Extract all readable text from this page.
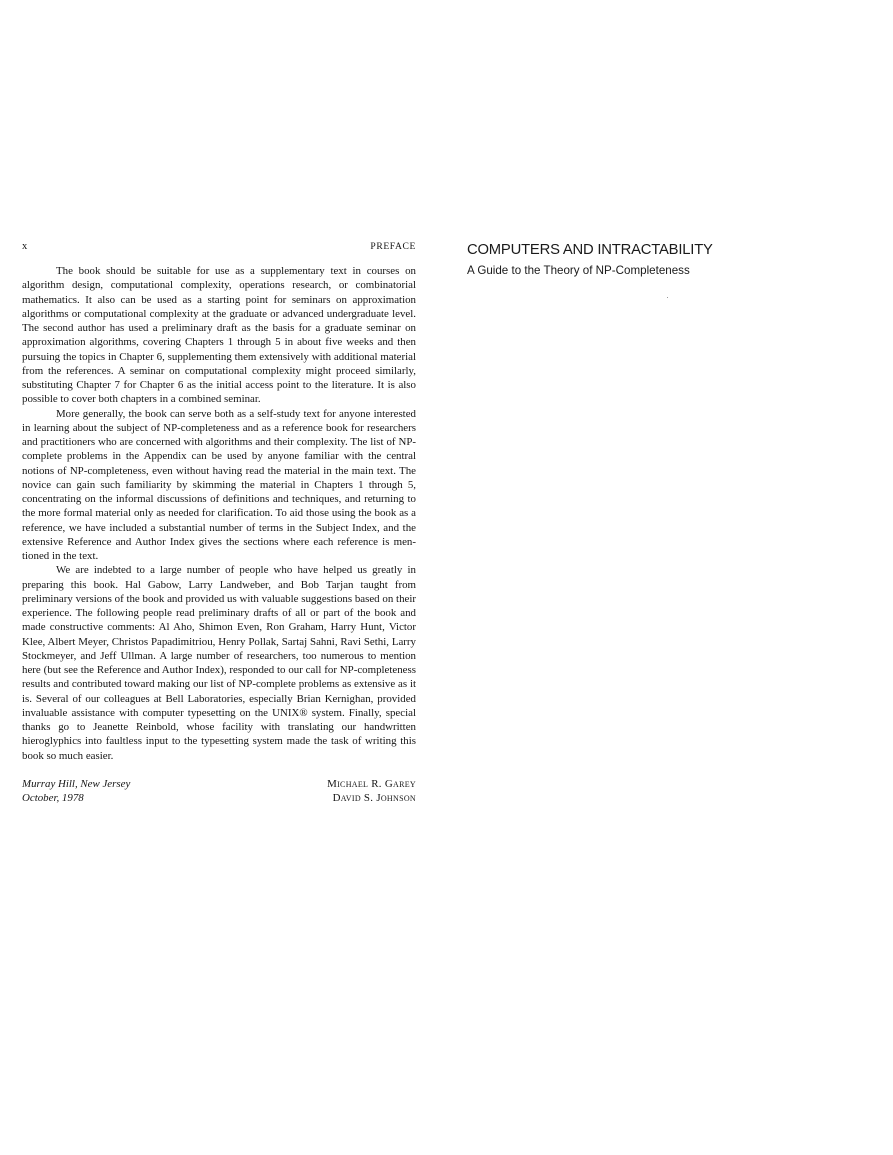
x	PREFACE

The book should be suitable for use as a supplementary text in courses on algorithm design, computational complexity, operations research, or combinatorial mathematics. It also can be used as a starting point for seminars on approximation algorithms or computational complexity at the graduate or advanced undergraduate level. The second author has used a preliminary draft as the basis for a graduate seminar on approximation algorithms, covering Chapters 1 through 5 in about five weeks and then pursuing the topics in Chapter 6, supplementing them extensively with additional material from the references. A seminar on computational complexity might proceed similarly, substituting Chapter 7 for Chapter 6 as the initial access point to the literature. It is also possible to cover both chapters in a combined seminar.

More generally, the book can serve both as a self-study text for anyone interested in learning about the subject of NP-completeness and as a reference book for researchers and practitioners who are concerned with algorithms and their complexity. The list of NP-complete problems in the Appendix can be used by anyone familiar with the central notions of NP-completeness, even without having read the material in the main text. The novice can gain such familiarity by skimming the material in Chapters 1 through 5, concentrating on the informal discussions of definitions and techniques, and returning to the more formal material only as needed for clarification. To aid those using the book as a reference, we have included a substantial number of terms in the Subject Index, and the extensive Reference and Author Index gives the sections where each reference is mentioned in the text.

We are indebted to a large number of people who have helped us greatly in preparing this book. Hal Gabow, Larry Landweber, and Bob Tarjan taught from preliminary versions of the book and provided us with valuable suggestions based on their experience. The following people read preliminary drafts of all or part of the book and made constructive comments: Al Aho, Shimon Even, Ron Graham, Harry Hunt, Victor Klee, Albert Meyer, Christos Papadimitriou, Henry Pollak, Sartaj Sahni, Ravi Sethi, Larry Stockmeyer, and Jeff Ullman. A large number of researchers, too numerous to mention here (but see the Reference and Author Index), responded to our call for NP-completeness results and contributed toward making our list of NP-complete problems as extensive as it is. Several of our colleagues at Bell Laboratories, especially Brian Kernighan, provided invaluable assistance with computer typesetting on the UNIX® system. Finally, special thanks go to Jeanette Reinbold, whose facility with translating our handwritten hieroglyphics into faultless input to the typesetting system made the task of writing this book so much easier.

Murray Hill, New Jersey
October, 1978
Michael R. Garey
David S. Johnson
COMPUTERS AND INTRACTABILITY
A Guide to the Theory of NP-Completeness
